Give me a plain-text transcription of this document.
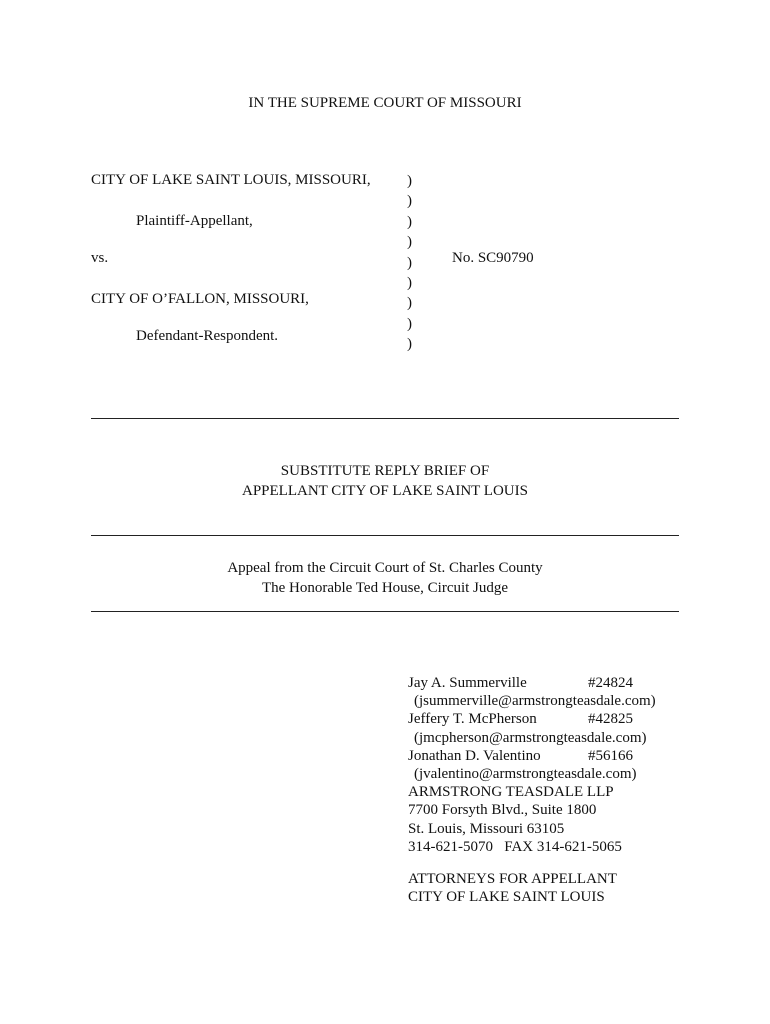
IN THE SUPREME COURT OF MISSOURI
CITY OF LAKE SAINT LOUIS, MISSOURI,
Plaintiff-Appellant,
vs.
CITY OF O’FALLON, MISSOURI,
Defendant-Respondent.
)
)
)
)
)
)
)
)
)
No. SC90790
SUBSTITUTE REPLY BRIEF OF
APPELLANT CITY OF LAKE SAINT LOUIS
Appeal from the Circuit Court of St. Charles County
The Honorable Ted House, Circuit Judge
Jay A. Summerville	#24824
(jsummerville@armstrongteasdale.com)
Jeffery T. McPherson	#42825
(jmcpherson@armstrongteasdale.com)
Jonathan D. Valentino	#56166
(jvalentino@armstrongteasdale.com)
ARMSTRONG TEASDALE LLP
7700 Forsyth Blvd., Suite 1800
St. Louis, Missouri 63105
314-621-5070   FAX 314-621-5065
ATTORNEYS FOR APPELLANT
CITY OF LAKE SAINT LOUIS
